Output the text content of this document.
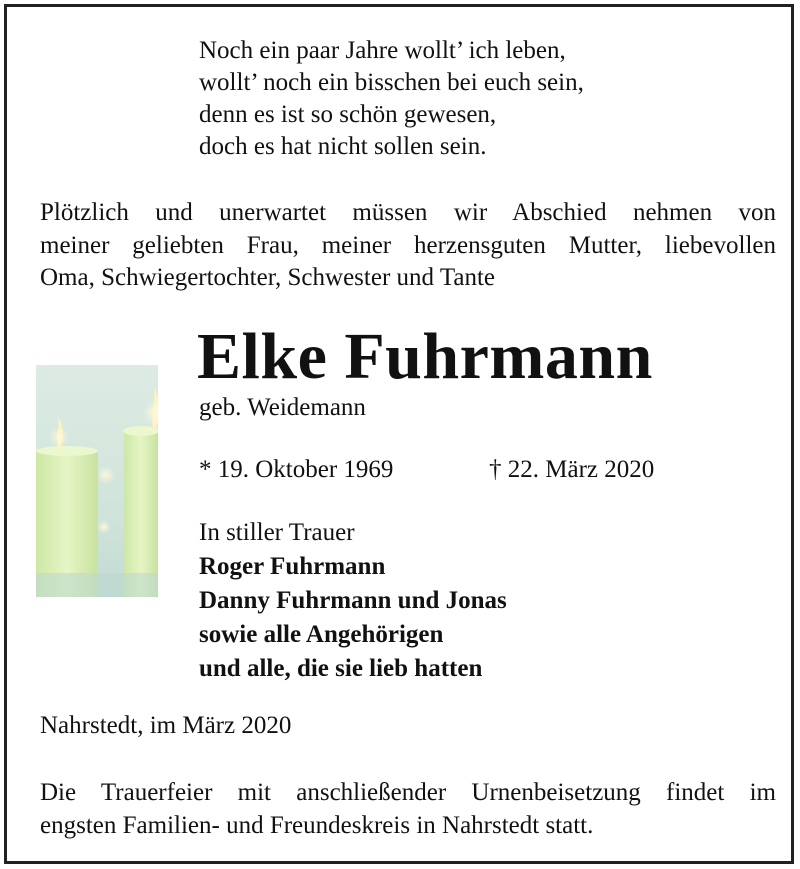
Noch ein paar Jahre wollt’ ich leben,
wollt’ noch ein bisschen bei euch sein,
denn es ist so schön gewesen,
doch es hat nicht sollen sein.
Plötzlich und unerwartet müssen wir Abschied nehmen von
meiner geliebten Frau, meiner herzensguten Mutter, liebevollen
Oma, Schwiegertochter, Schwester und Tante
Elke Fuhrmann
geb. Weidemann
* 19. Oktober 1969	† 22. März 2020
In stiller Trauer
Roger Fuhrmann
Danny Fuhrmann und Jonas
sowie alle Angehörigen
und alle, die sie lieb hatten
Nahrstedt, im März 2020
Die Trauerfeier mit anschließender Urnenbeisetzung findet im
engsten Familien- und Freundeskreis in Nahrstedt statt.
